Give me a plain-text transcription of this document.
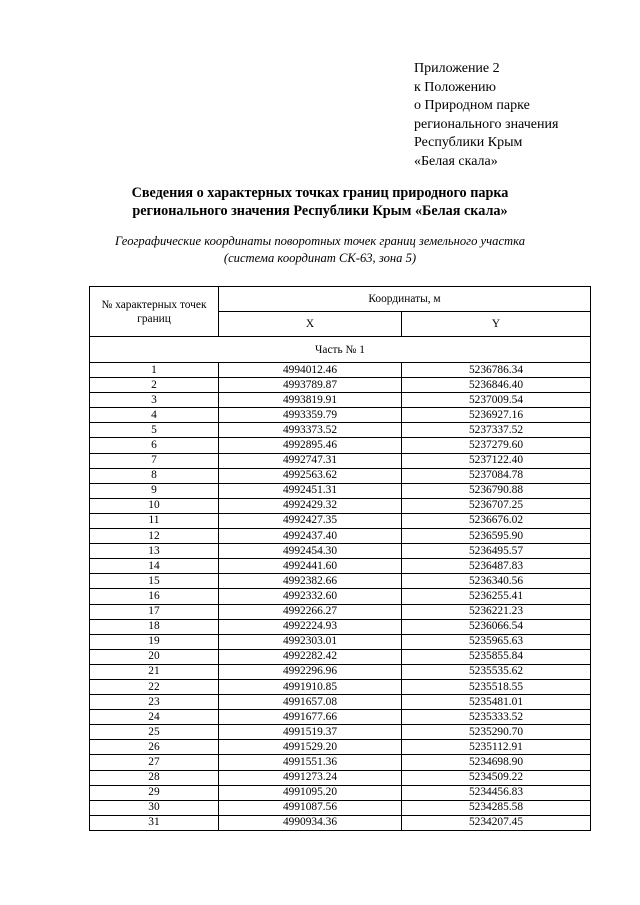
Приложение 2
к Положению
о Природном парке
регионального значения
Республики Крым
«Белая скала»
Сведения о характерных точках границ природного парка
регионального значения Республики Крым «Белая скала»
Географические координаты поворотных точек границ земельного участка
(система координат СК-63, зона 5)
№ характерных точек границ	Координаты, м	
	X	Y
Часть № 1		
1	4994012.46	5236786.34
2	4993789.87	5236846.40
3	4993819.91	5237009.54
4	4993359.79	5236927.16
5	4993373.52	5237337.52
6	4992895.46	5237279.60
7	4992747.31	5237122.40
8	4992563.62	5237084.78
9	4992451.31	5236790.88
10	4992429.32	5236707.25
11	4992427.35	5236676.02
12	4992437.40	5236595.90
13	4992454.30	5236495.57
14	4992441.60	5236487.83
15	4992382.66	5236340.56
16	4992332.60	5236255.41
17	4992266.27	5236221.23
18	4992224.93	5236066.54
19	4992303.01	5235965.63
20	4992282.42	5235855.84
21	4992296.96	5235535.62
22	4991910.85	5235518.55
23	4991657.08	5235481.01
24	4991677.66	5235333.52
25	4991519.37	5235290.70
26	4991529.20	5235112.91
27	4991551.36	5234698.90
28	4991273.24	5234509.22
29	4991095.20	5234456.83
30	4991087.56	5234285.58
31	4990934.36	5234207.45
